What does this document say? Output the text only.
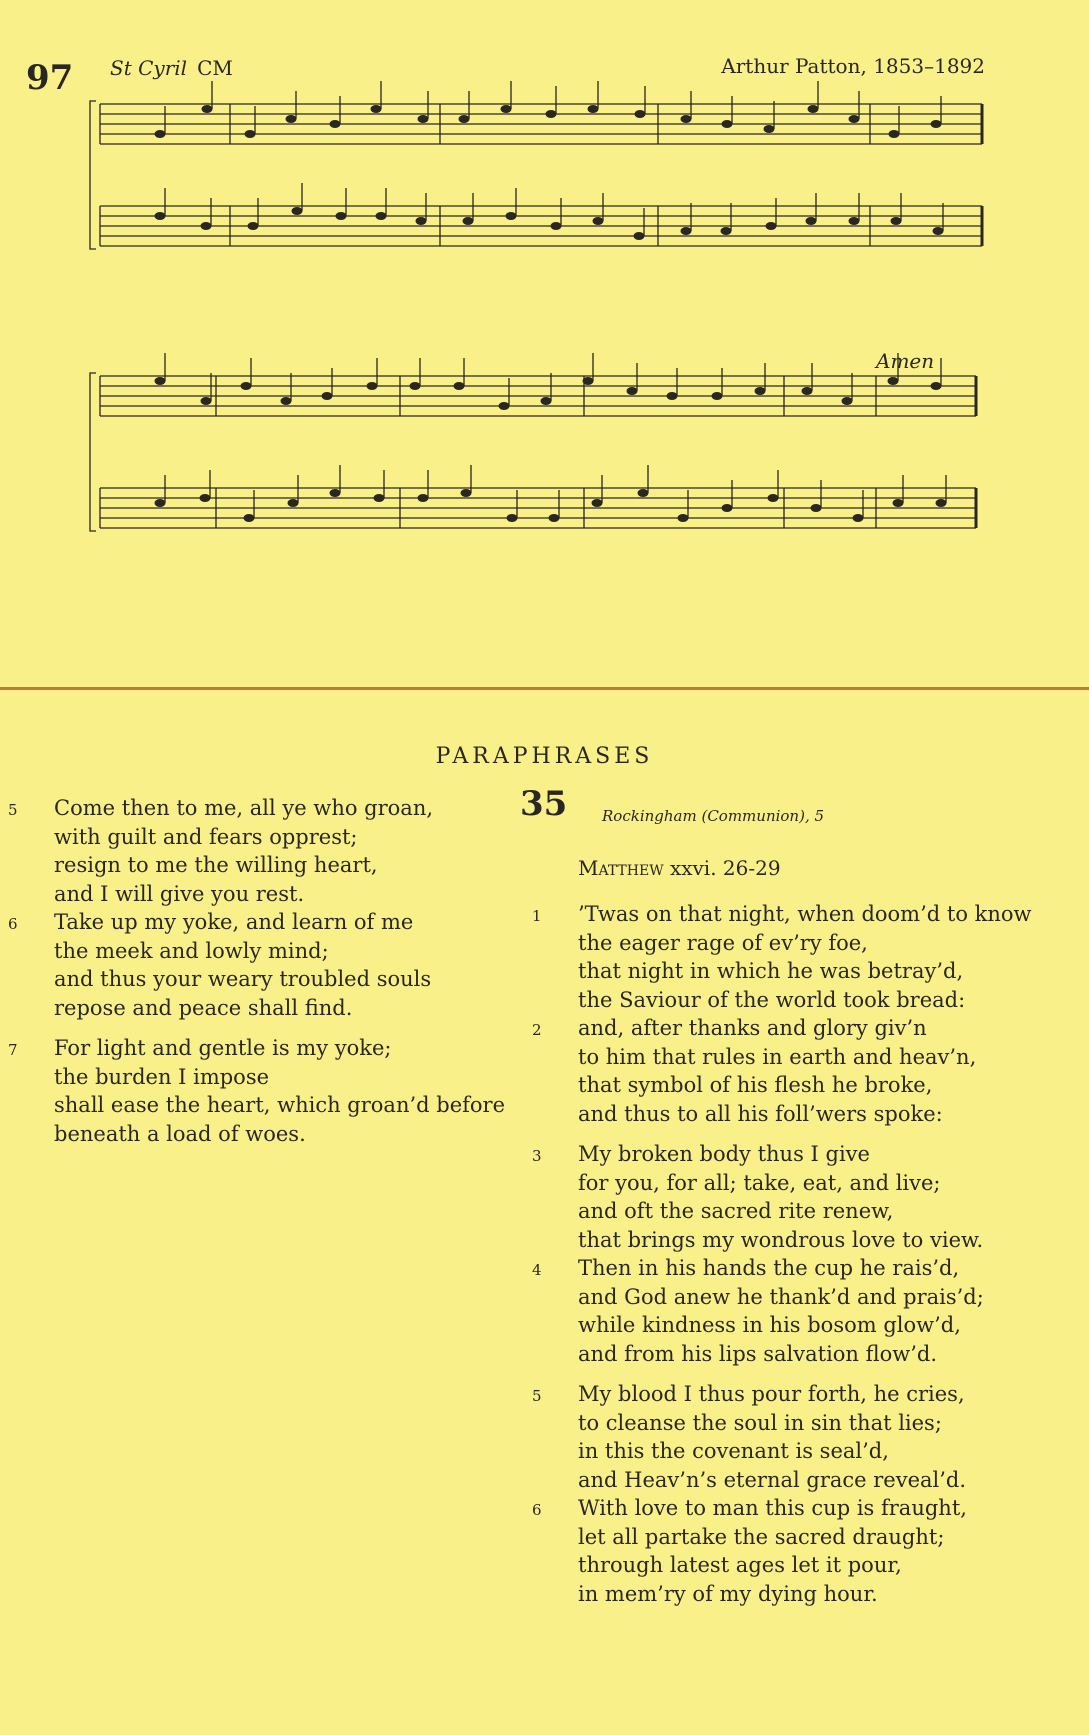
97 St Cyril CM	Arthur Patton, 1853–1892
Amen
PARAPHRASES
5	Come then to me, all ye who groan,
with guilt and fears opprest;
resign to me the willing heart,
and I will give you rest.
6	Take up my yoke, and learn of me
the meek and lowly mind;
and thus your weary troubled souls
repose and peace shall find.
7	For light and gentle is my yoke;
the burden I impose
shall ease the heart, which groan’d before
beneath a load of woes.
35 Rockingham (Communion), 5
Matthew xxvi. 26-29
1	’Twas on that night, when doom’d to know
the eager rage of ev’ry foe,
that night in which he was betray’d,
the Saviour of the world took bread:
2	and, after thanks and glory giv’n
to him that rules in earth and heav’n,
that symbol of his flesh he broke,
and thus to all his foll’wers spoke:
3	My broken body thus I give
for you, for all; take, eat, and live;
and oft the sacred rite renew,
that brings my wondrous love to view.
4	Then in his hands the cup he rais’d,
and God anew he thank’d and prais’d;
while kindness in his bosom glow’d,
and from his lips salvation flow’d.
5	My blood I thus pour forth, he cries,
to cleanse the soul in sin that lies;
in this the covenant is seal’d,
and Heav’n’s eternal grace reveal’d.
6	With love to man this cup is fraught,
let all partake the sacred draught;
through latest ages let it pour,
in mem’ry of my dying hour.
